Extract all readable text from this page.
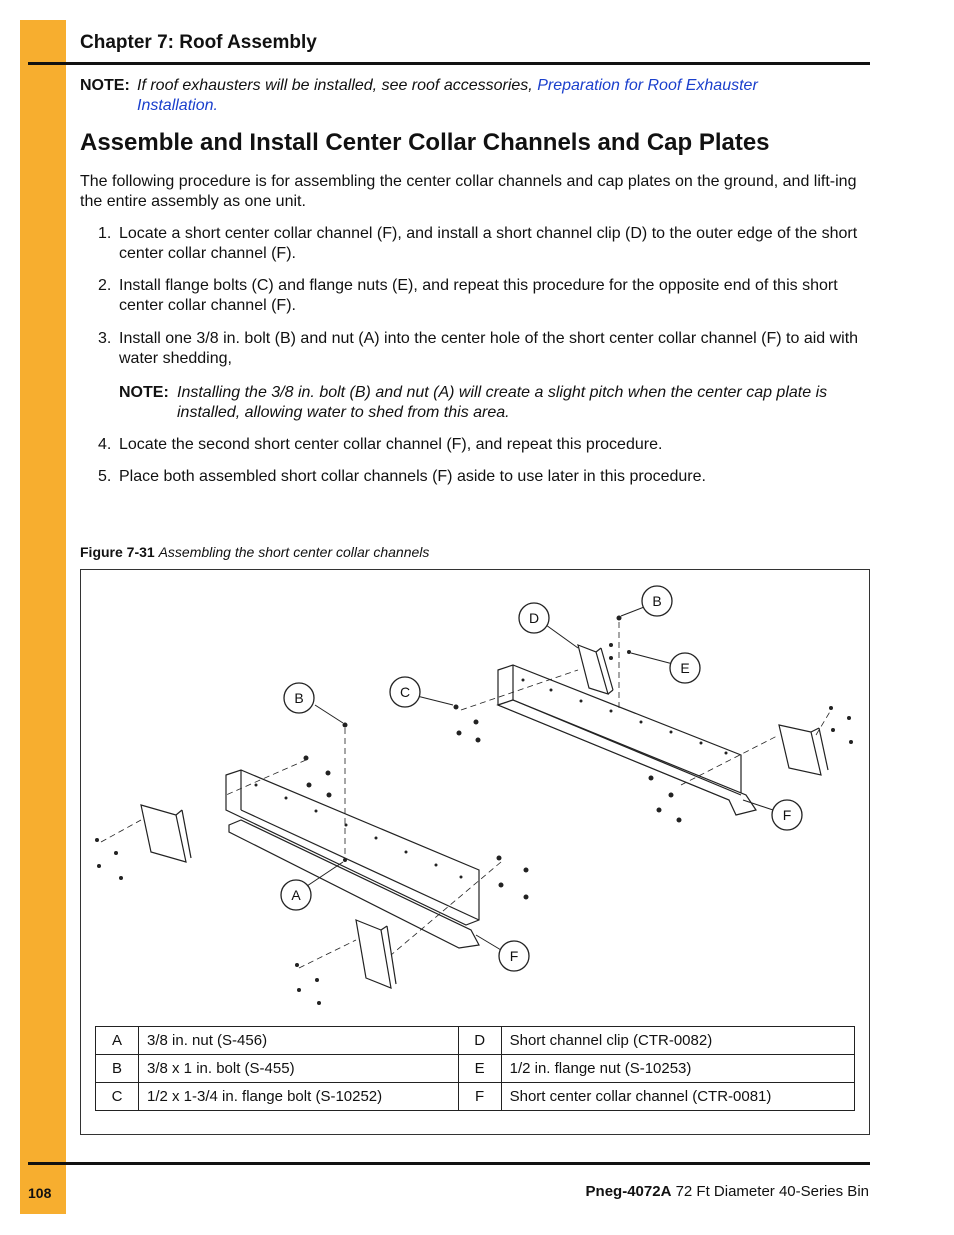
Chapter 7: Roof Assembly
NOTE: If roof exhausters will be installed, see roof accessories, Preparation for Roof Exhauster Installation.
Assemble and Install Center Collar Channels and Cap Plates

The following procedure is for assembling the center collar channels and cap plates on the ground, and lift-ing the entire assembly as one unit.

1. Locate a short center collar channel (F), and install a short channel clip (D) to the outer edge of the short center collar channel (F).
2. Install flange bolts (C) and flange nuts (E), and repeat this procedure for the opposite end of this short center collar channel (F).
3. Install one 3/8 in. bolt (B) and nut (A) into the center hole of the short center collar channel (F) to aid with water shedding,
NOTE: Installing the 3/8 in. bolt (B) and nut (A) will create a slight pitch when the center cap plate is installed, allowing water to shed from this area.
4. Locate the second short center collar channel (F), and repeat this procedure.
5. Place both assembled short collar channels (F) aside to use later in this procedure.
Figure 7-31 Assembling the short center collar channels
A
B
B
C
D
E
F
F
A	3/8 in. nut (S-456)	D	Short channel clip (CTR-0082)
B	3/8 x 1 in. bolt (S-455)	E	1/2 in. flange nut (S-10253)
C	1/2 x 1-3/4 in. flange bolt (S-10252)	F	Short center collar channel (CTR-0081)
108	Pneg-4072A 72 Ft Diameter 40-Series Bin
